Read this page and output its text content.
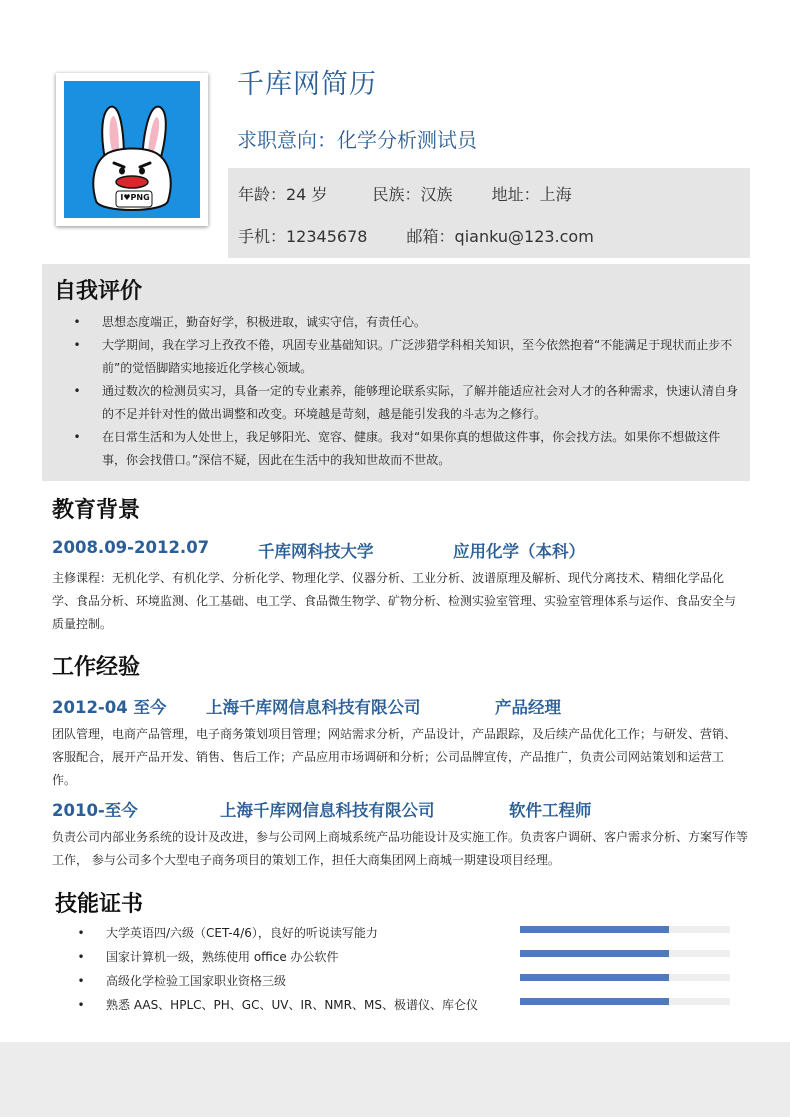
I♥PNG
千库网简历
求职意向：化学分析测试员
年龄：24 岁	民族：汉族 地址：上海
手机：12345678 邮箱：qianku@123.com
自我评价
• 思想态度端正，勤奋好学，积极进取，诚实守信，有责任心。
• 大学期间，我在学习上孜孜不倦，巩固专业基础知识。广泛涉猎学科相关知识，至今依然抱着“不能满足于现状而止步不前”的觉悟脚踏实地接近化学核心领域。
• 通过数次的检测员实习，具备一定的专业素养，能够理论联系实际，了解并能适应社会对人才的各种需求，快速认清自身的不足并针对性的做出调整和改变。环境越是苛刻，越是能引发我的斗志为之修行。
• 在日常生活和为人处世上，我足够阳光、宽容、健康。我对“如果你真的想做这件事，你会找方法。如果你不想做这件事，你会找借口。”深信不疑，因此在生活中的我知世故而不世故。
教育背景
2008.09-2012.07	千库网科技大学	应用化学（本科）
主修课程：无机化学、有机化学、分析化学、物理化学、仪器分析、工业分析、波谱原理及解析、现代分离技术、精细化学品化学、食品分析、环境监测、化工基础、电工学、食品微生物学、矿物分析、检测实验室管理、实验室管理体系与运作、食品安全与质量控制。
工作经验
2012-04 至今 上海千库网信息科技有限公司	产品经理
团队管理，电商产品管理，电子商务策划项目管理；网站需求分析，产品设计，产品跟踪，及后续产品优化工作；与研发、营销、客服配合，展开产品开发、销售、售后工作；产品应用市场调研和分析；公司品牌宣传，产品推广，负责公司网站策划和运营工作。
2010-至今	上海千库网信息科技有限公司	软件工程师
负责公司内部业务系统的设计及改进，参与公司网上商城系统产品功能设计及实施工作。负责客户调研、客户需求分析、方案写作等工作， 参与公司多个大型电子商务项目的策划工作，担任大商集团网上商城一期建设项目经理。
技能证书
• 大学英语四/六级（CET-4/6），良好的听说读写能力
• 国家计算机一级，熟练使用 office 办公软件
• 高级化学检验工国家职业资格三级
• 熟悉 AAS、HPLC、PH、GC、UV、IR、NMR、MS、极谱仪、库仑仪
